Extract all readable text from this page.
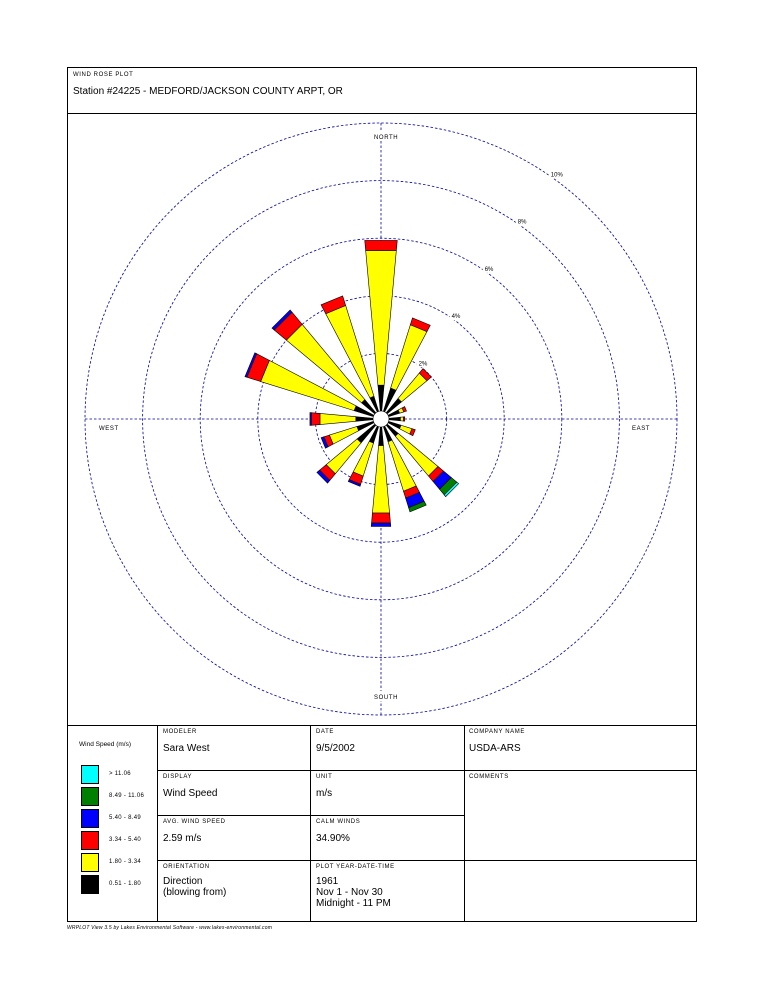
WIND ROSE PLOT
Station #24225 - MEDFORD/JACKSON COUNTY ARPT, OR
2%
4%
6%
8%
10%
NORTH
SOUTH
WEST	EAST
Wind Speed (m/s)
> 11.06
8.49 - 11.06
5.40 - 8.49
3.34 - 5.40
1.80 - 3.34
0.51 - 1.80
MODELER
Sara West
DATE
9/5/2002
COMPANY NAME
USDA-ARS
DISPLAY
Wind Speed
UNIT
m/s
COMMENTS
AVG. WIND SPEED
2.59 m/s
CALM WINDS
34.90%
ORIENTATION
Direction
(blowing from)
PLOT YEAR-DATE-TIME
1961
Nov 1 - Nov 30
Midnight - 11 PM
WRPLOT View 3.5 by Lakes Environmental Software - www.lakes-environmental.com
